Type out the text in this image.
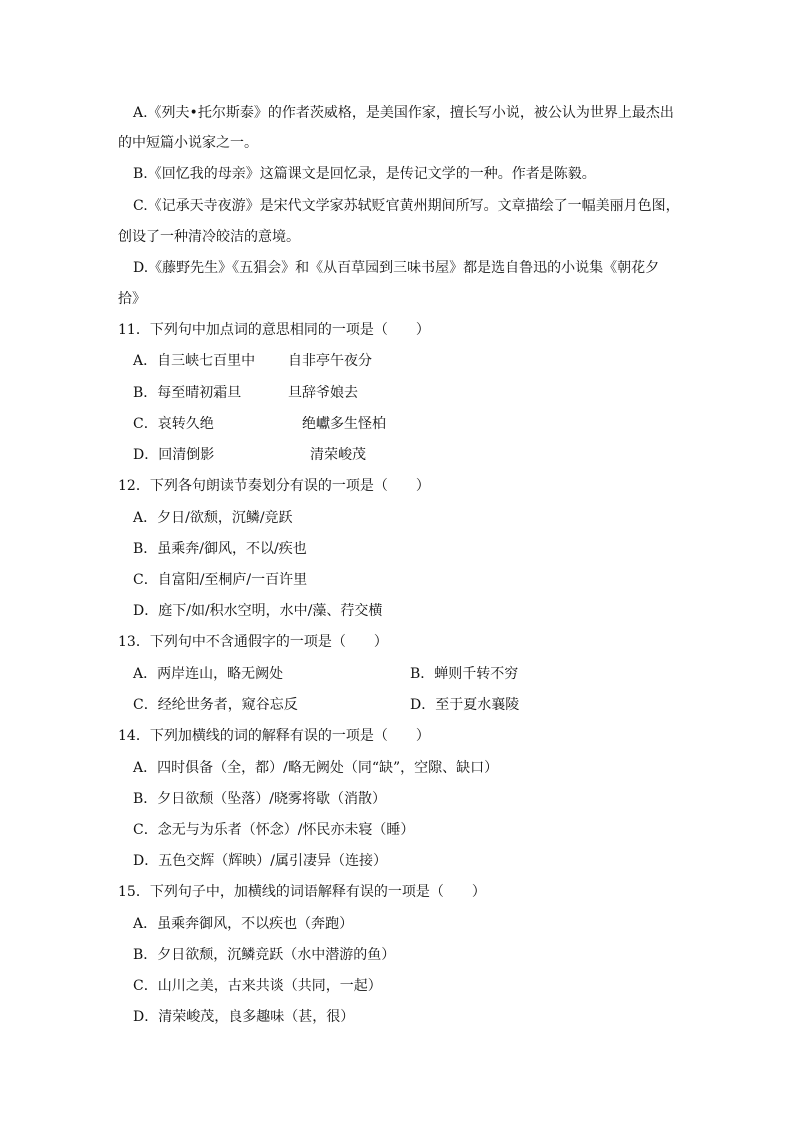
A.《列夫•托尔斯泰》的作者茨威格，是美国作家，擅长写小说，被公认为世界上最杰出
的中短篇小说家之一。
B.《回忆我的母亲》这篇课文是回忆录，是传记文学的一种。作者是陈毅。
C.《记承天寺夜游》是宋代文学家苏轼贬官黄州期间所写。文章描绘了一幅美丽月色图，
创设了一种清冷皎洁的意境。
D.《藤野先生》《五猖会》和《从百草园到三味书屋》都是选自鲁迅的小说集《朝花夕
拾》
11．下列句中加点词的意思相同的一项是（　　）
A．自三峡七百里中 自非亭午夜分
B．每至晴初霜旦	旦辞爷娘去
C．哀转久绝	绝巘多生怪柏
D．回清倒影	清荣峻茂
12．下列各句朗读节奏划分有误的一项是（　　）
A．夕日/欲颓，沉鳞/竞跃
B．虽乘奔/御风，不以/疾也
C．自富阳/至桐庐/一百许里
D．庭下/如/积水空明，水中/藻、荇交横
13．下列句中不含通假字的一项是（　　）
A．两岸连山，略无阙处	B．蝉则千转不穷
C．经纶世务者，窥谷忘反	D．至于夏水襄陵
14．下列加横线的词的解释有误的一项是（　　）
A．四时俱备（全，都）/略无阙处（同“缺”，空隙、缺口）
B．夕日欲颓（坠落）/晓雾将歇（消散）
C．念无与为乐者（怀念）/怀民亦未寝（睡）
D．五色交辉（辉映）/属引凄异（连接）
15．下列句子中，加横线的词语解释有误的一项是（　　）
A．虽乘奔御风，不以疾也（奔跑）
B．夕日欲颓，沉鳞竞跃（水中潜游的鱼）
C．山川之美，古来共谈（共同，一起）
D．清荣峻茂，良多趣味（甚，很）
